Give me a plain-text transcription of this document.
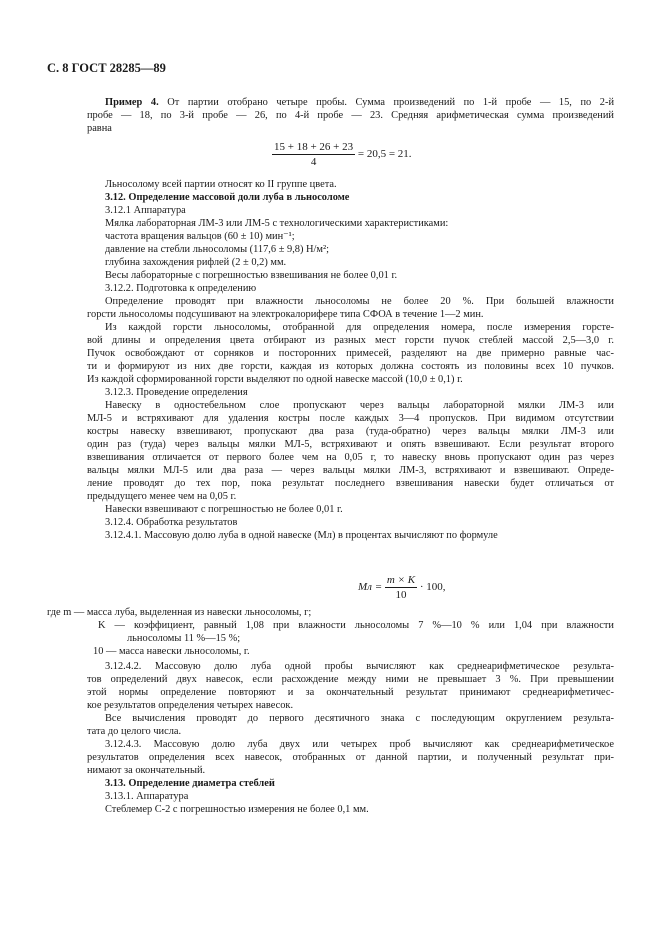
С. 8 ГОСТ 28285—89
Пример 4. От партии отобрано четыре пробы. Сумма произведений по 1-й пробе — 15, по 2-й
пробе — 18, по 3-й пробе — 26, по 4-й пробе — 23. Средняя арифметическая сумма произведений
равна
$\frac{15 + 18 + 26 + 23}{4} = 20,5 = 21$.
Льносолому всей партии относят ко II группе цвета.
3.12. Определение массовой доли луба в льносоломе
3.12.1 Аппаратура
Мялка лабораторная ЛМ-3 или ЛМ-5 с технологическими характеристиками:
частота вращения вальцов (60 ± 10) мин⁻¹;
давление на стебли льносоломы (117,6 ± 9,8) Н/м²;
глубина захождения рифлей (2 ± 0,2) мм.
Весы лабораторные с погрешностью взвешивания не более 0,01 г.
3.12.2. Подготовка к определению
Определение проводят при влажности льносоломы не более 20 %. При большей влажности
горсти льносоломы подсушивают на электрокалорифере типа СФОА в течение 1—2 мин.
Из каждой горсти льносоломы, отобранной для определения номера, после измерения горсте-
вой длины и определения цвета отбирают из разных мест горсти пучок стеблей массой 2,5—3,0 г.
Пучок освобождают от сорняков и посторонних примесей, разделяют на две примерно равные час-
ти и формируют из них две горсти, каждая из которых должна состоять из половины всех 10 пучков.
Из каждой сформированной горсти выделяют по одной навеске массой (10,0 ± 0,1) г.
3.12.3. Проведение определения
Навеску в одностебельном слое пропускают через вальцы лабораторной мялки ЛМ-3 или
МЛ-5 и встряхивают для удаления костры после каждых 3—4 пропусков. При видимом отсутствии
костры навеску взвешивают, пропускают два раза (туда-обратно) через вальцы мялки ЛМ-3 или
один раз (туда) через вальцы мялки МЛ-5, встряхивают и опять взвешивают. Если результат второго
взвешивания отличается от первого более чем на 0,05 г, то навеску вновь пропускают один раз через
вальцы мялки МЛ-5 или два раза — через вальцы мялки ЛМ-3, встряхивают и взвешивают. Опреде-
ление проводят до тех пор, пока результат последнего взвешивания навески будет отличаться от
предыдущего менее чем на 0,05 г.
Навески взвешивают с погрешностью не более 0,01 г.
3.12.4. Обработка результатов
3.12.4.1. Массовую долю луба в одной навеске (Мл) в процентах вычисляют по формуле
Мл = $\frac{m \times K}{10} \cdot 100$,
где m — масса луба, выделенная из навески льносоломы, г;
K — коэффициент, равный 1,08 при влажности льносоломы 7 %—10 % или 1,04 при влажности
льносоломы 11 %—15 %;
10 — масса навески льносоломы, г.
3.12.4.2. Массовую долю луба одной пробы вычисляют как среднеарифметическое результа-
тов определений двух навесок, если расхождение между ними не превышает 3 %. При превышении
этой нормы определение повторяют и за окончательный результат принимают среднеарифметичес-
кое результатов определения четырех навесок.
Все вычисления проводят до первого десятичного знака с последующим округлением результа-
тата до целого числа.
3.12.4.3. Массовую долю луба двух или четырех проб вычисляют как среднеарифметическое
результатов определения всех навесок, отобранных от данной партии, и полученный результат при-
нимают за окончательный.
3.13. Определение диаметра стеблей
3.13.1. Аппаратура
Стеблемер С-2 с погрешностью измерения не более 0,1 мм.
